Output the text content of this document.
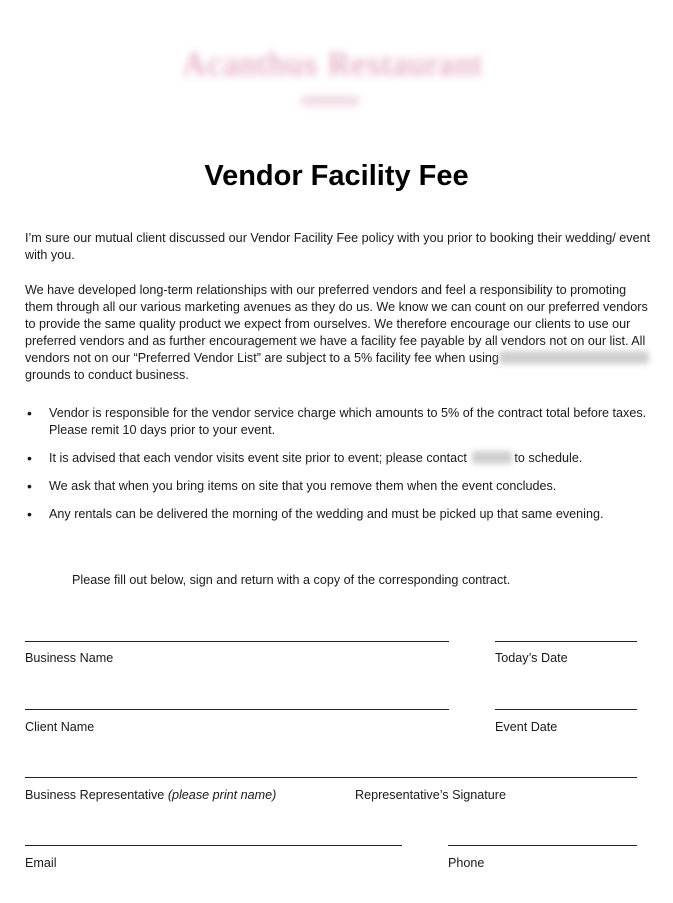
Acanthus Restaurant
Vendor Facility Fee

I’m sure our mutual client discussed our Vendor Facility Fee policy with you prior to booking their wedding/ event with you.

We have developed long-term relationships with our preferred vendors and feel a responsibility to promoting them through all our various marketing avenues as they do us. We know we can count on our preferred vendors to provide the same quality product we expect from ourselves. We therefore encourage our clients to use our preferred vendors and as further encouragement we have a facility fee payable by all vendors not on our list. All vendors not on our “Preferred Vendor List” are subject to a 5% facility fee when usinggrounds to conduct business.

• Vendor is responsible for the vendor service charge which amounts to 5% of the contract total before taxes. Please remit 10 days prior to your event.
• It is advised that each vendor visits event site prior to event; please contact	to schedule.
• We ask that when you bring items on site that you remove them when the event concludes.
• Any rentals can be delivered the morning of the wedding and must be picked up that same evening.

Please fill out below, sign and return with a copy of the corresponding contract.

Business Name	Today’s Date

Client Name	Event Date

Business Representative (please print name)	Representative’s Signature

Email	Phone
